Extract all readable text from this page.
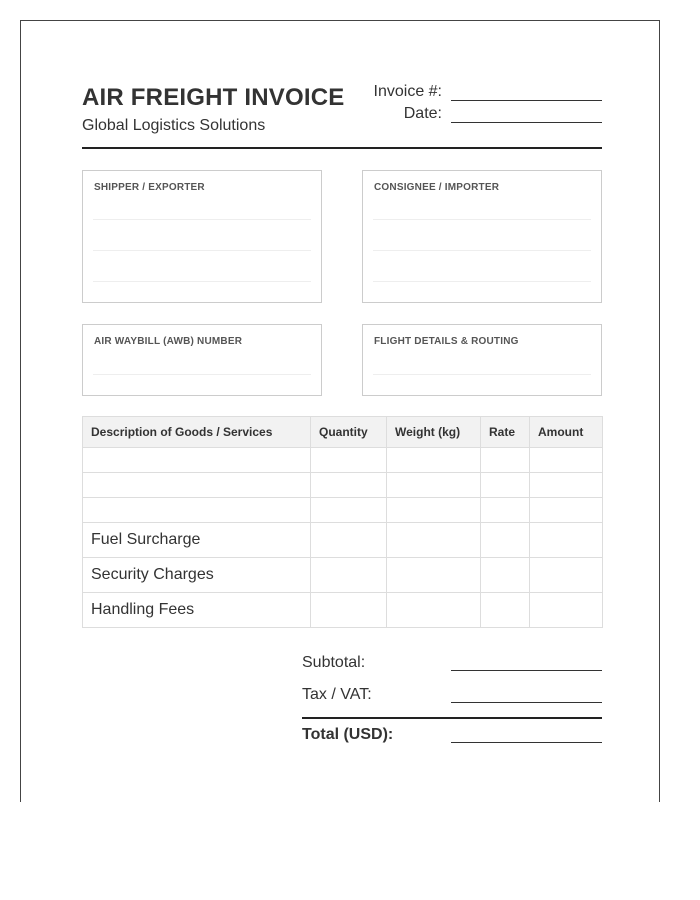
AIR FREIGHT INVOICE
Global Logistics Solutions
Invoice #:
Date:
SHIPPER / EXPORTER	CONSIGNEE / IMPORTER
AIR WAYBILL (AWB) NUMBER	FLIGHT DETAILS & ROUTING
Description of Goods / Services	Quantity	Weight (kg)	Rate	Amount

Fuel Surcharge				
Security Charges				
Handling Fees				
Subtotal:
Tax / VAT:
Total (USD):
